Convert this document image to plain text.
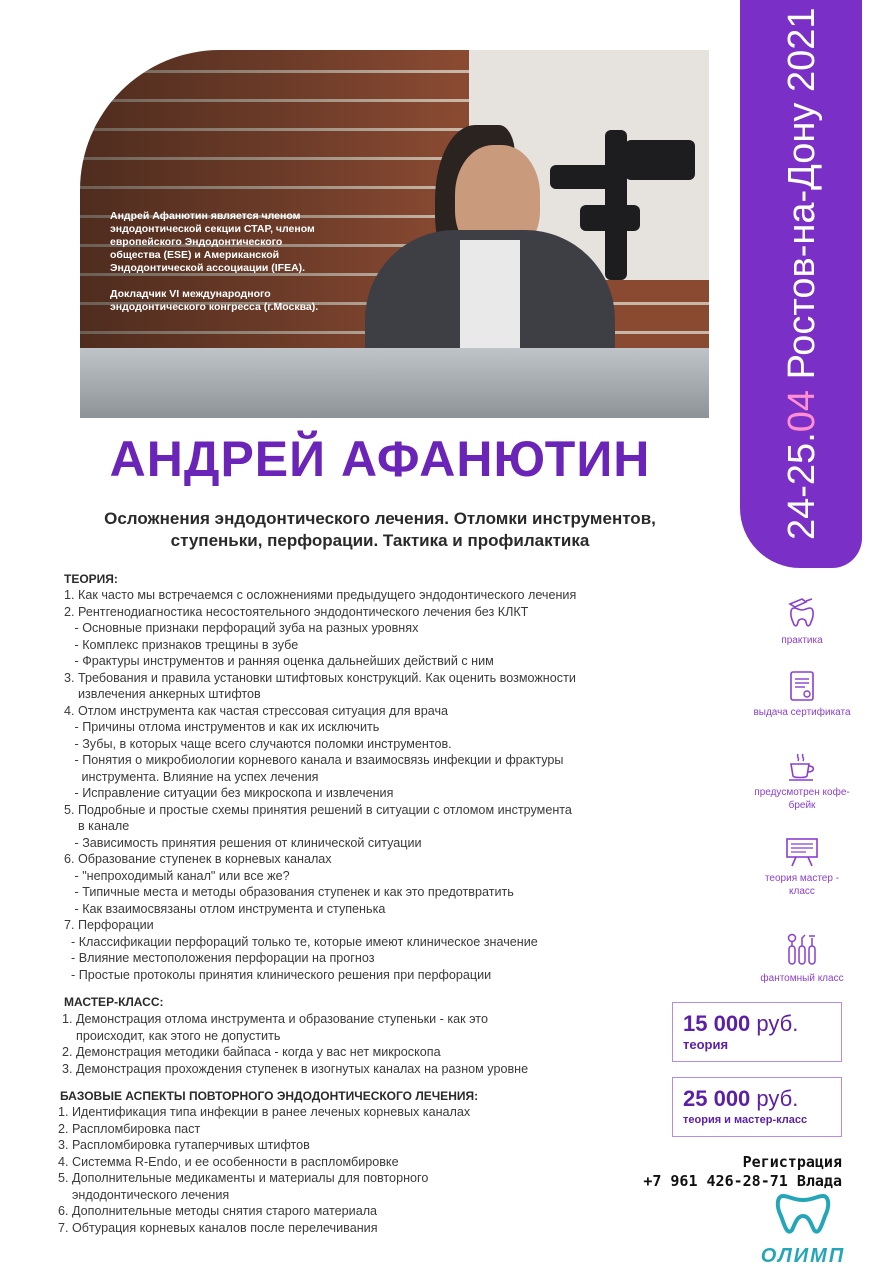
Андрей Афанютин является членом эндодонтической секции СТАР, членом европейского Эндодонтического общества (ESE) и Американской Эндодонтической ассоциации (IFEA).

Докладчик VI международного эндодонтического конгресса (г.Москва).

24-25.04 Ростов-на-Дону 2021
АНДРЕЙ АФАНЮТИН
Осложнения эндодонтического лечения. Отломки инструментов,
ступеньки, перфорации. Тактика и профилактика
ТЕОРИЯ:
1. Как часто мы встречаемся с осложнениями предыдущего эндодонтического лечения
2. Рентгенодиагностика несостоятельного эндодонтического лечения без КЛКТ
- Основные признаки перфораций зуба на разных уровнях
- Комплекс признаков трещины в зубе
- Фрактуры инструментов и ранняя оценка дальнейших действий с ним
3. Требования и правила установки штифтовых конструкций. Как оценить возможности
извлечения анкерных штифтов
4. Отлом инструмента как частая стрессовая ситуация для врача
- Причины отлома инструментов и как их исключить
- Зубы, в которых чаще всего случаются поломки инструментов.
- Понятия о микробиологии корневого канала и взаимосвязь инфекции и фрактуры
инструмента. Влияние на успех лечения
- Исправление ситуации без микроскопа и извлечения
5. Подробные и простые схемы принятия решений в ситуации с отломом инструмента
в канале
- Зависимость принятия решения от клинической ситуации
6. Образование ступенек в корневых каналах
- "непроходимый канал" или все же?
- Типичные места и методы образования ступенек и как это предотвратить
- Как взаимосвязаны отлом инструмента и ступенька
7. Перфорации
- Классификации перфораций только те, которые имеют клиническое значение
- Влияние местоположения перфорации на прогноз
- Простые протоколы принятия клинического решения при перфорации
МАСТЕР-КЛАСС:
1. Демонстрация отлома инструмента и образование ступеньки - как это
происходит, как этого не допустить
2. Демонстрация методики байпаса - когда у вас нет микроскопа
3. Демонстрация прохождения ступенек в изогнутых каналах на разном уровне
БАЗОВЫЕ АСПЕКТЫ ПОВТОРНОГО ЭНДОДОНТИЧЕСКОГО ЛЕЧЕНИЯ:
1. Идентификация типа инфекции в ранее леченых корневых каналах
2. Распломбировка паст
3. Распломбировка гутаперчивых штифтов
4. Системма R-Endo, и ее особенности в распломбировке
5. Дополнительные медикаменты и материалы для повторного
эндодонтического лечения
6. Дополнительные методы снятия старого материала
7. Обтурация корневых каналов после перелечивания
практика
выдача сертификата
предусмотрен кофе-брейк
теория мастер - класс
фантомный класс
15 000 руб.
теория
25 000 руб.
теория и мастер-класс
Регистрация
+7 961 426-28-71 Влада
ОЛИМП
